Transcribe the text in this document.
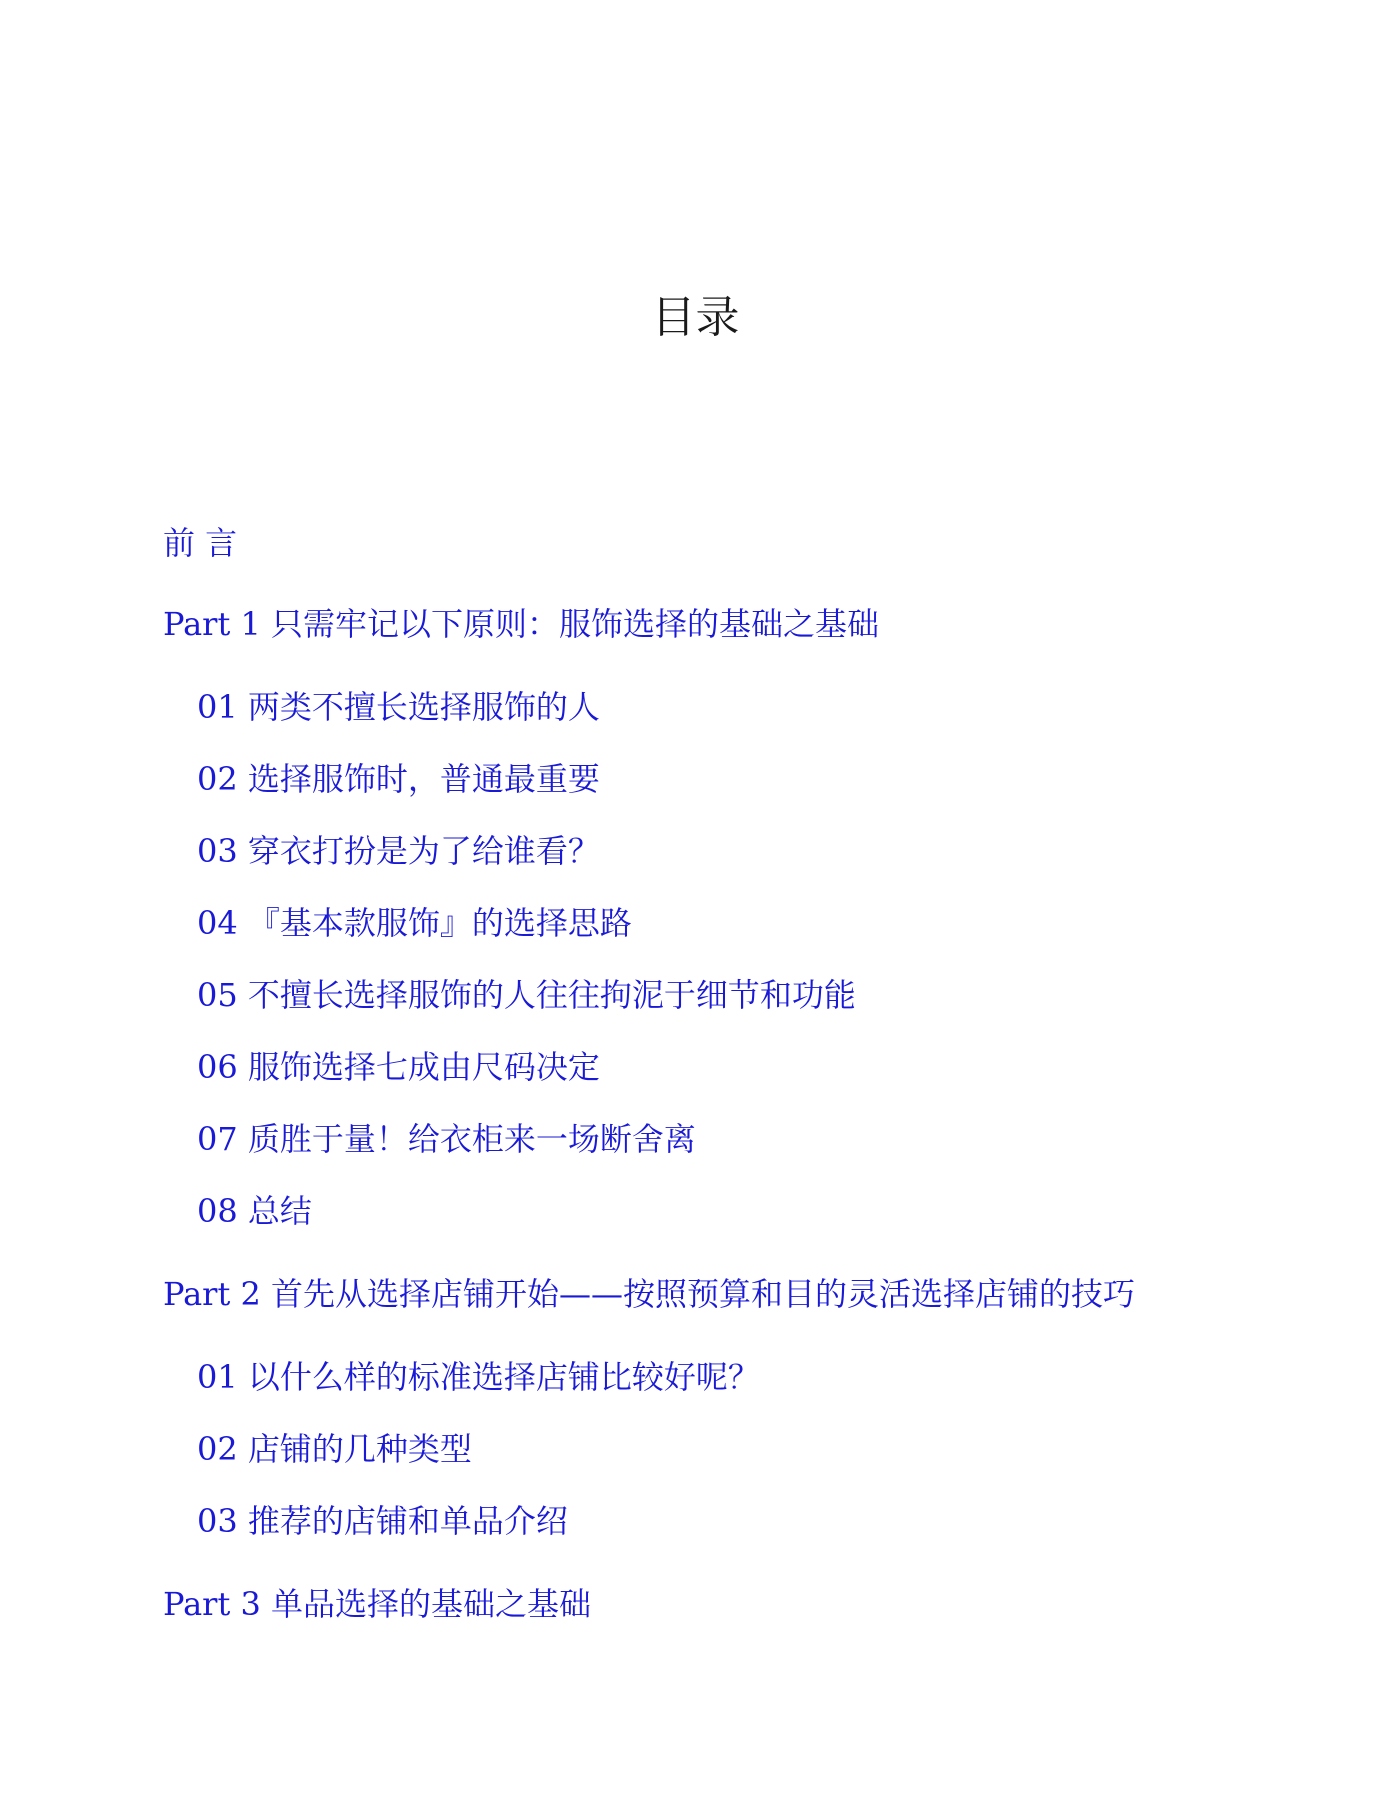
目录
前 言
Part 1 只需牢记以下原则：服饰选择的基础之基础
01 两类不擅长选择服饰的人
02 选择服饰时，普通最重要
03 穿衣打扮是为了给谁看？
04 『基本款服饰』的选择思路
05 不擅长选择服饰的人往往拘泥于细节和功能
06 服饰选择七成由尺码决定
07 质胜于量！给衣柜来一场断舍离
08 总结
Part 2 首先从选择店铺开始——按照预算和目的灵活选择店铺的技巧
01 以什么样的标准选择店铺比较好呢？
02 店铺的几种类型
03 推荐的店铺和单品介绍
Part 3 单品选择的基础之基础
